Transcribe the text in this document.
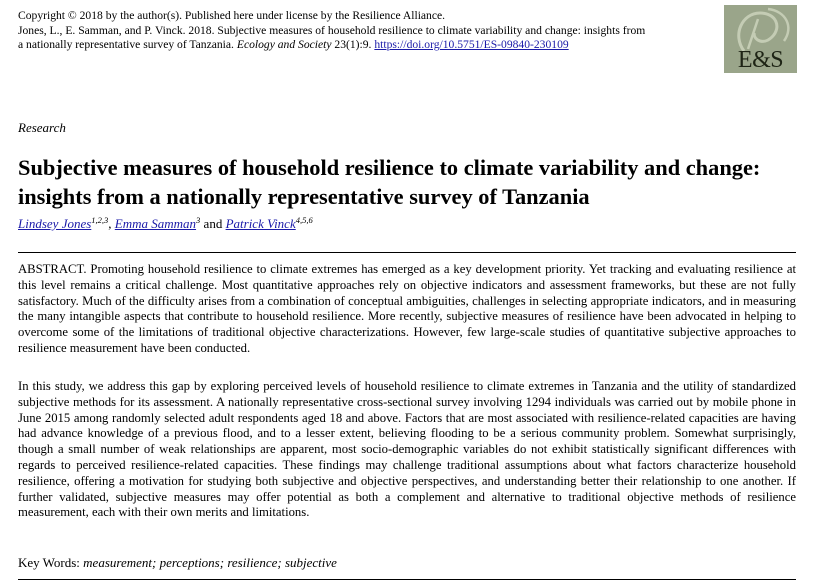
Copyright © 2018 by the author(s). Published here under license by the Resilience Alliance.

Jones, L., E. Samman, and P. Vinck. 2018. Subjective measures of household resilience to climate variability and change: insights from

a nationally representative survey of Tanzania. Ecology and Society 23(1):9. https://doi.org/10.5751/ES-09840-230109

E&S
Research
Subjective measures of household resilience to climate variability and change: insights from a nationally representative survey of Tanzania
Lindsey Jones$^{1,2,3}$, Emma Samman$^3$ and Patrick Vinck$^{4,5,6}$

ABSTRACT. Promoting household resilience to climate extremes has emerged as a key development priority. Yet tracking and evaluating resilience at this level remains a critical challenge. Most quantitative approaches rely on objective indicators and assessment frameworks, but these are not fully satisfactory. Much of the difficulty arises from a combination of conceptual ambiguities, challenges in selecting appropriate indicators, and in measuring the many intangible aspects that contribute to household resilience. More recently, subjective measures of resilience have been advocated in helping to overcome some of the limitations of traditional objective characterizations. However, few large-scale studies of quantitative subjective approaches to resilience measurement have been conducted.

In this study, we address this gap by exploring perceived levels of household resilience to climate extremes in Tanzania and the utility of standardized subjective methods for its assessment. A nationally representative cross-sectional survey involving 1294 individuals was carried out by mobile phone in June 2015 among randomly selected adult respondents aged 18 and above. Factors that are most associated with resilience-related capacities are having had advance knowledge of a previous flood, and to a lesser extent, believing flooding to be a serious community problem. Somewhat surprisingly, though a small number of weak relationships are apparent, most socio-demographic variables do not exhibit statistically significant differences with regards to perceived resilience-related capacities. These findings may challenge traditional assumptions about what factors characterize household resilience, offering a motivation for studying both subjective and objective perspectives, and understanding better their relationship to one another. If further validated, subjective measures may offer potential as both a complement and alternative to traditional objective methods of resilience measurement, each with their own merits and limitations.

Key Words: measurement; perceptions; resilience; subjective
